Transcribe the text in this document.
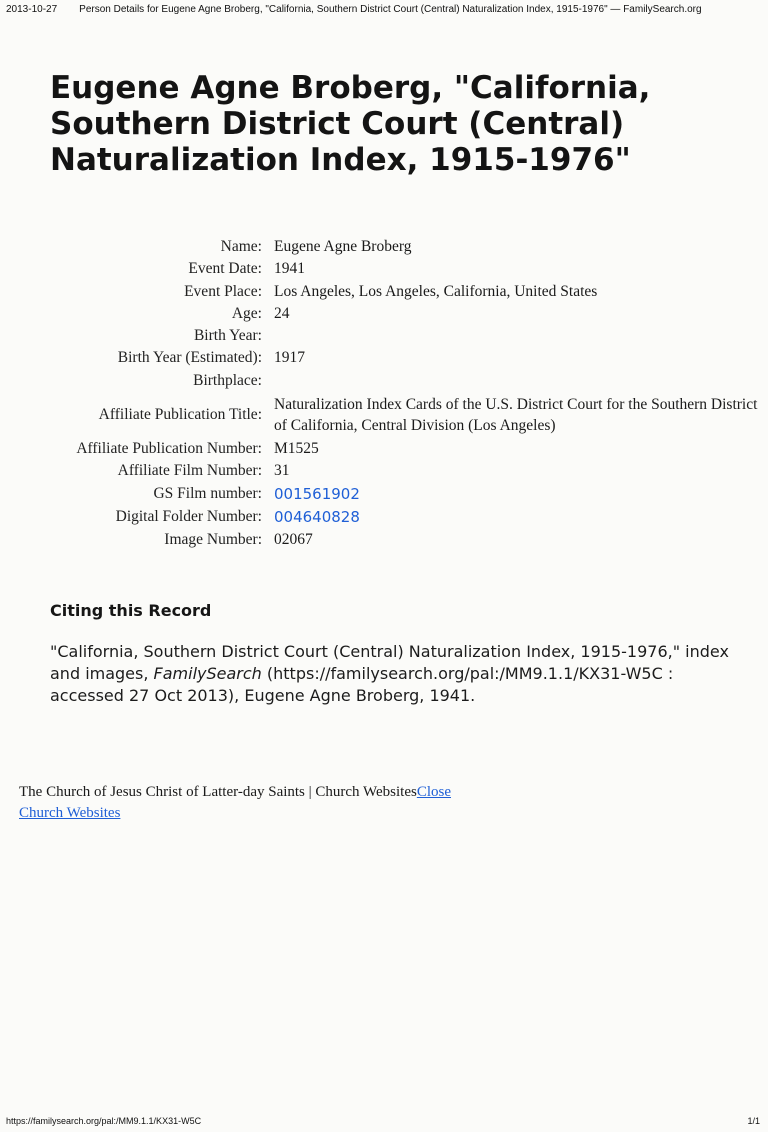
2013-10-27 Person Details for Eugene Agne Broberg, "California, Southern District Court (Central) Naturalization Index, 1915-1976" — FamilySearch.org
Eugene Agne Broberg, "California, Southern District Court (Central) Naturalization Index, 1915-1976"
Name:	Eugene Agne Broberg
Event Date:	1941
Event Place:	Los Angeles, Los Angeles, California, United States
Age:	24
Birth Year:	
Birth Year (Estimated):	1917
Birthplace:	
Affiliate Publication Title:	Naturalization Index Cards of the U.S. District Court for the Southern District of California, Central Division (Los Angeles)
Affiliate Publication Number:	M1525
Affiliate Film Number:	31
GS Film number:	001561902
Digital Folder Number:	004640828
Image Number:	02067
Citing this Record

"California, Southern District Court (Central) Naturalization Index, 1915-1976," index and images, FamilySearch (https://familysearch.org/pal:/MM9.1.1/KX31-W5C : accessed 27 Oct 2013), Eugene Agne Broberg, 1941.

The Church of Jesus Christ of Latter-day Saints | Church WebsitesClose
Church Websites
https://familysearch.org/pal:/MM9.1.1/KX31-W5C	1/1
